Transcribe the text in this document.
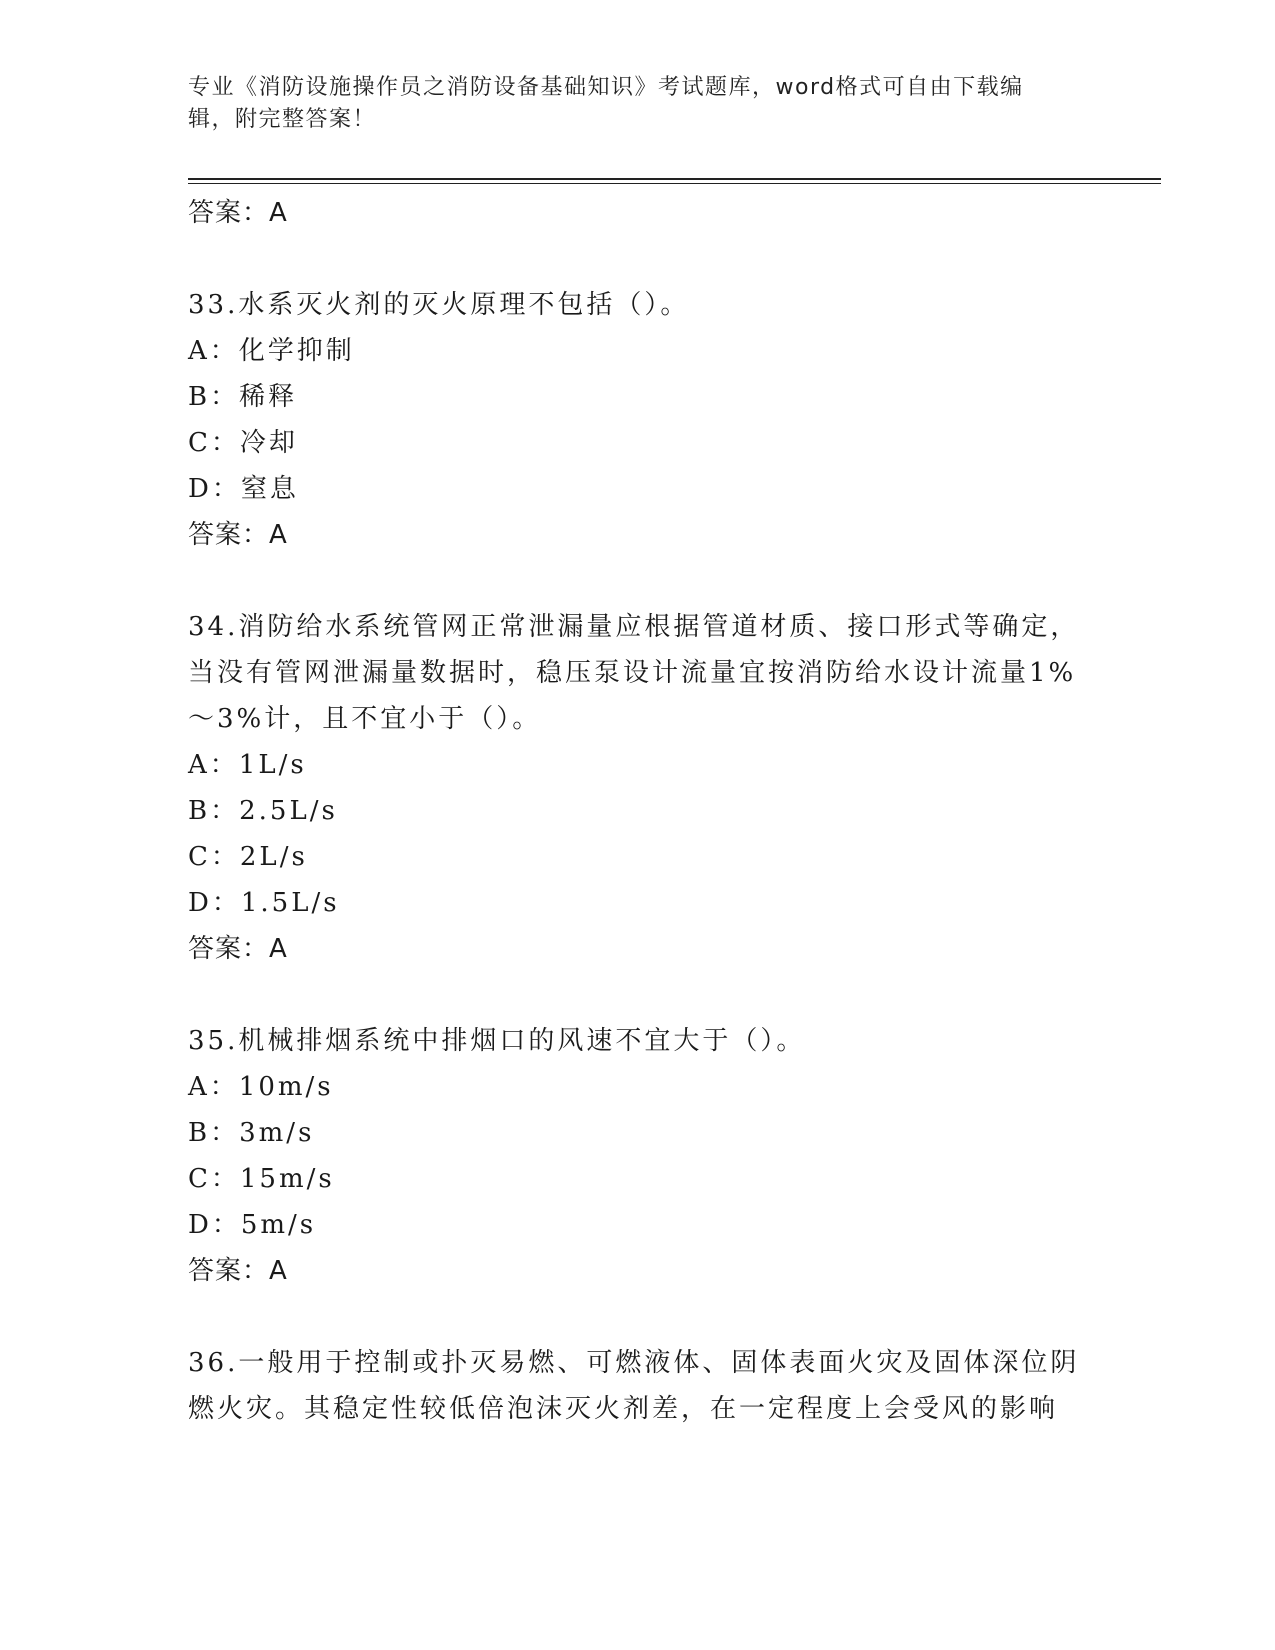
专业《消防设施操作员之消防设备基础知识》考试题库，word格式可自由下载编
辑，附完整答案！
答案：A
33.水系灭火剂的灭火原理不包括（）。
A：化学抑制
B：稀释
C：冷却
D：窒息
答案：A
34.消防给水系统管网正常泄漏量应根据管道材质、接口形式等确定，
当没有管网泄漏量数据时，稳压泵设计流量宜按消防给水设计流量1%
～3%计，且不宜小于（）。
A：1L/s
B：2.5L/s
C：2L/s
D：1.5L/s
答案：A
35.机械排烟系统中排烟口的风速不宜大于（）。
A：10m/s
B：3m/s
C：15m/s
D：5m/s
答案：A
36.一般用于控制或扑灭易燃、可燃液体、固体表面火灾及固体深位阴
燃火灾。其稳定性较低倍泡沫灭火剂差，在一定程度上会受风的影响
